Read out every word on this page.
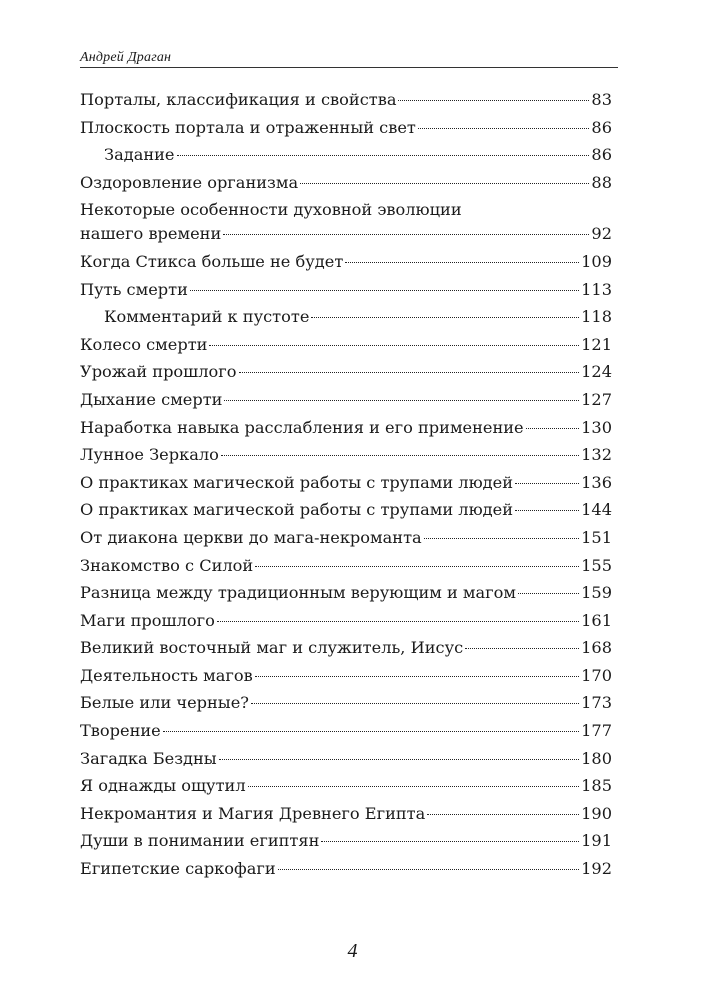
Андрей Драган
Порталы, классификация и свойства	83
Плоскость портала и отраженный свет	86
Задание	86
Оздоровление организма	88
Некоторые особенности духовной эволюции
нашего времени	92
Когда Стикса больше не будет	109
Путь смерти	113
Комментарий к пустоте	118
Колесо смерти	121
Урожай прошлого	124
Дыхание смерти	127
Наработка навыка расслабления и его применение	130
Лунное Зеркало	132
О практиках магической работы с трупами людей	136
О практиках магической работы с трупами людей	144
От диакона церкви до мага-некроманта	151
Знакомство с Силой	155
Разница между традиционным верующим и магом	159
Маги прошлого	161
Великий восточный маг и служитель, Иисус	168
Деятельность магов	170
Белые или черные?	173
Творение	177
Загадка Бездны	180
Я однажды ощутил	185
Некромантия и Магия Древнего Египта	190
Души в понимании египтян	191
Египетские саркофаги	192
4
